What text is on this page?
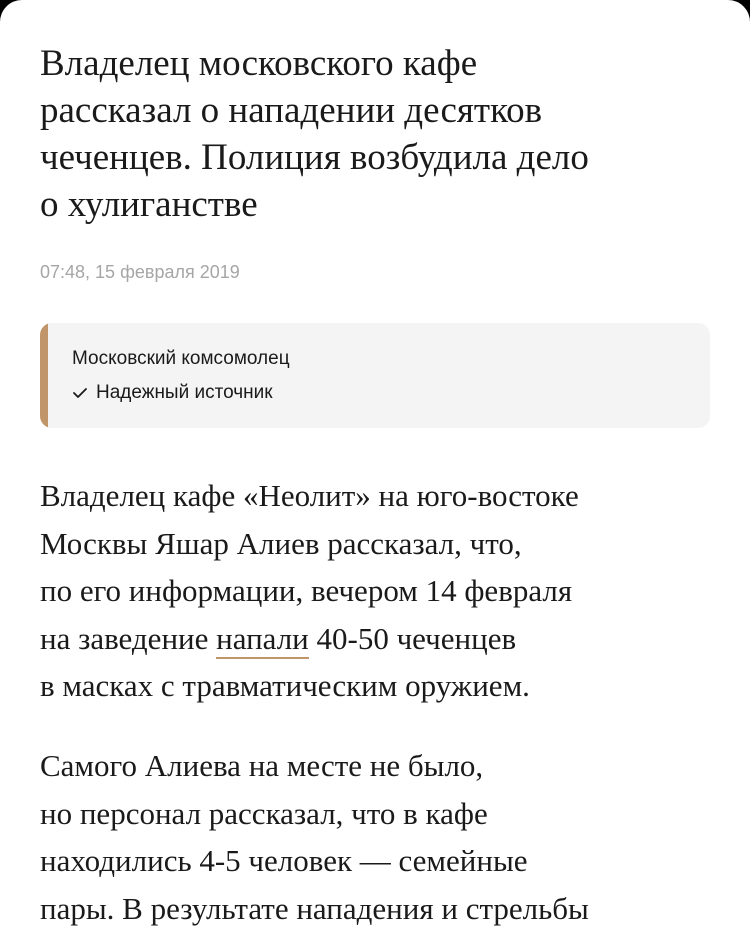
Владелец московского кафе
рассказал о нападении десятков
чеченцев. Полиция возбудила дело
о хулиганстве
07:48, 15 февраля 2019
Московский комсомолец
Надежный источник

Владелец кафе «Неолит» на юго-востоке
Москвы Яшар Алиев рассказал, что,
по его информации, вечером 14 февраля
на заведение напали 40-50 чеченцев
в масках с травматическим оружием.

Самого Алиева на месте не было,
но персонал рассказал, что в кафе
находились 4-5 человек — семейные
пары. В результате нападения и стрельбы
